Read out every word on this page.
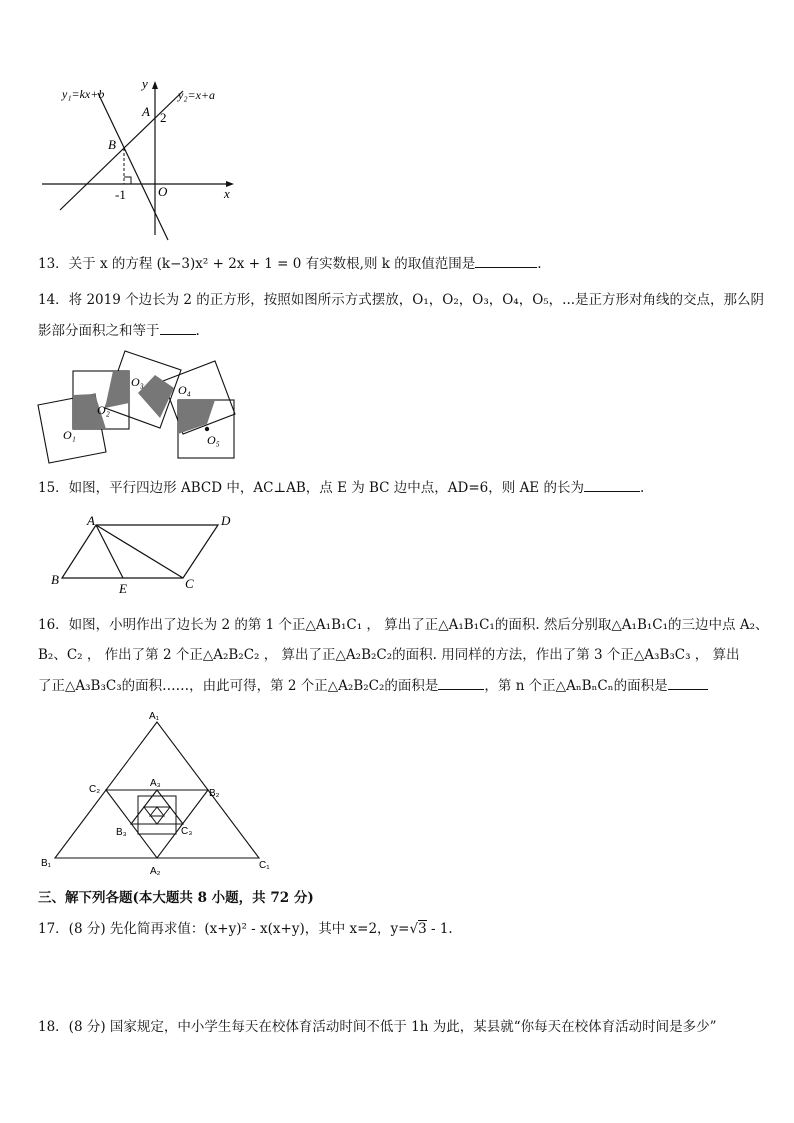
y₁=kx+b	y₂=x+a
y
x
A
B
2
-1 O
13．关于 x 的方程 (k−3)x² + 2x + 1 = 0 有实数根,则 k 的取值范围是	.
14．将 2019 个边长为 2 的正方形，按照如图所示方式摆放，O₁，O₂，O₃，O₄，O₅，...是正方形对角线的交点，那么阴
影部分面积之和等于	.
O₁
O₂
O₃
O₄
O₅
15．如图，平行四边形 ABCD 中，AC⊥AB，点 E 为 BC 边中点，AD=6，则 AE 的长为	.
A	D
B
E	C
16．如图，小明作出了边长为 2 的第 1 个正△A₁B₁C₁ ， 算出了正△A₁B₁C₁的面积. 然后分别取△A₁B₁C₁的三边中点 A₂、
B₂、C₂ ， 作出了第 2 个正△A₂B₂C₂ ， 算出了正△A₂B₂C₂的面积. 用同样的方法，作出了第 3 个正△A₃B₃C₃ ， 算出
了正△A₃B₃C₃的面积……，由此可得，第 2 个正△A₂B₂C₂的面积是	，第 n 个正△AₙBₙCₙ的面积是
A₁
B₁	C₁
A₂
B₂
C₂
A₃
B₃	C₃
三、解下列各题(本大题共 8 小题，共 72 分)
17．(8 分) 先化简再求值：(x+y)² - x(x+y)，其中 x=2，y=√3 - 1.
18．(8 分) 国家规定，中小学生每天在校体育活动时间不低于 1h 为此，某县就“你每天在校体育活动时间是多少”
